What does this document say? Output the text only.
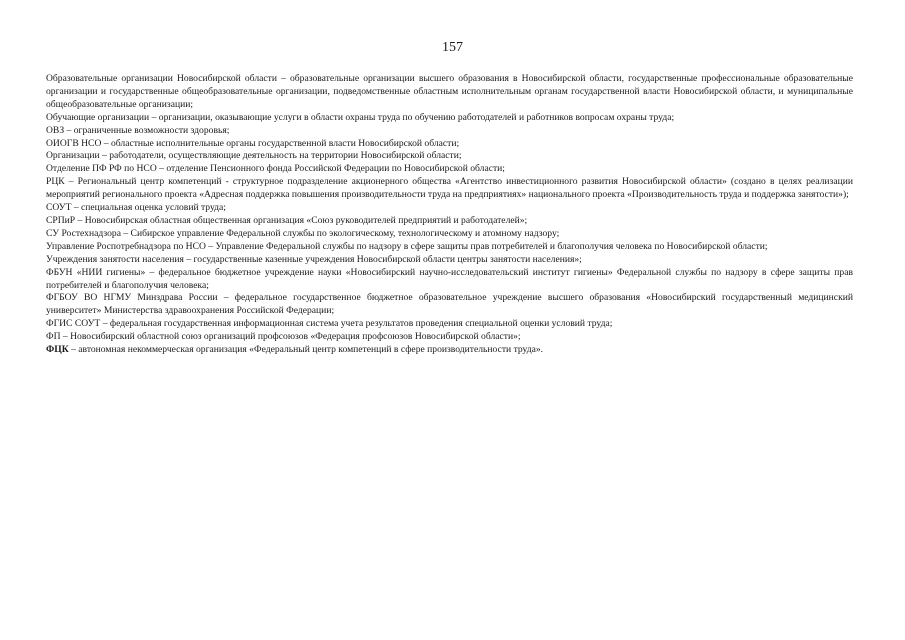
157

Образовательные организации Новосибирской области – образовательные организации высшего образования в Новосибирской области, государственные профессиональные образовательные организации и государственные общеобразовательные организации, подведомственные областным исполнительным органам государственной власти Новосибирской области, и муниципальные общеобразовательные организации;

Обучающие организации – организации, оказывающие услуги в области охраны труда по обучению работодателей и работников вопросам охраны труда;

ОВЗ – ограниченные возможности здоровья;

ОИОГВ НСО – областные исполнительные органы государственной власти Новосибирской области;

Организации – работодатели, осуществляющие деятельность на территории Новосибирской области;

Отделение ПФ РФ по НСО – отделение Пенсионного фонда Российской Федерации по Новосибирской области;

РЦК – Региональный центр компетенций - структурное подразделение акционерного общества «Агентство инвестиционного развития Новосибирской области» (создано в целях реализации мероприятий регионального проекта «Адресная поддержка повышения производительности труда на предприятиях» национального проекта «Производительность труда и поддержка занятости»);

СОУТ – специальная оценка условий труда;

СРПиР – Новосибирская областная общественная организация «Союз руководителей предприятий и работодателей»;

СУ Ростехнадзора – Сибирское управление Федеральной службы по экологическому, технологическому и атомному надзору;

Управление Роспотребнадзора по НСО – Управление Федеральной службы по надзору в сфере защиты прав потребителей и благополучия человека по Новосибирской области;

Учреждения занятости населения – государственные казенные учреждения Новосибирской области центры занятости населения»;

ФБУН «НИИ гигиены» – федеральное бюджетное учреждение науки «Новосибирский научно-исследовательский институт гигиены» Федеральной службы по надзору в сфере защиты прав потребителей и благополучия человека;

ФГБОУ ВО НГМУ Минздрава России – федеральное государственное бюджетное образовательное учреждение высшего образования «Новосибирский государственный медицинский университет» Министерства здравоохранения Российской Федерации;

ФГИС СОУТ – федеральная государственная информационная система учета результатов проведения специальной оценки условий труда;

ФП – Новосибирский областной союз организаций профсоюзов «Федерация профсоюзов Новосибирской области»;

ФЦК – автономная некоммерческая организация «Федеральный центр компетенций в сфере производительности труда».
